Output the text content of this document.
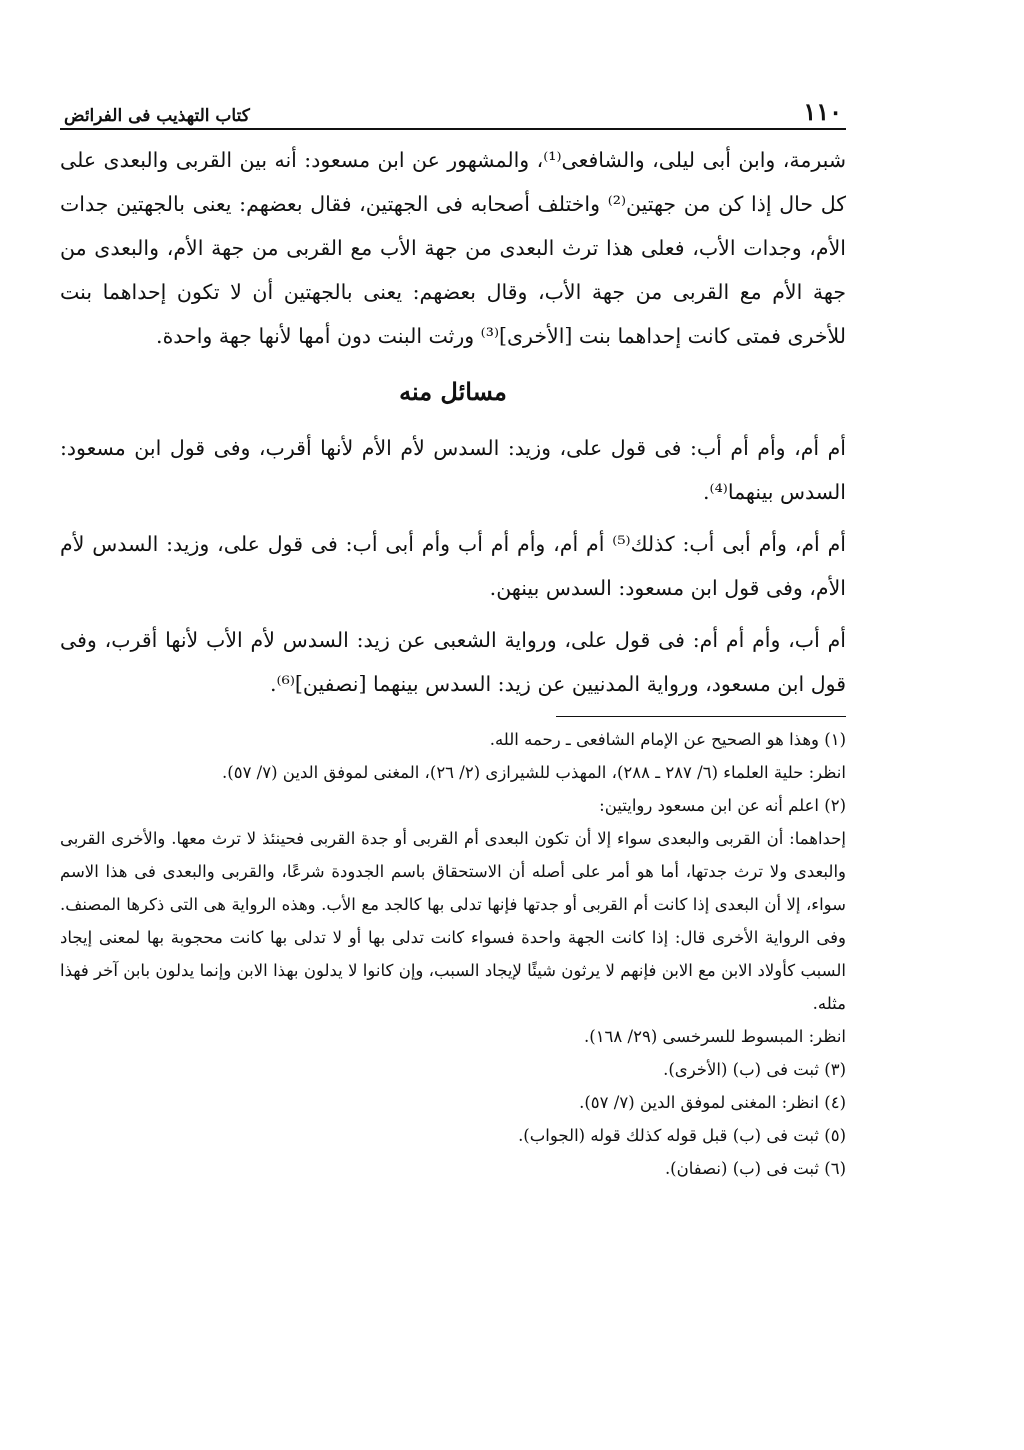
١١٠
كتاب التهذيب فى الفرائض

شبرمة، وابن أبى ليلى، والشافعى⁽¹⁾، والمشهور عن ابن مسعود: أنه بين القربى والبعدى على كل حال إذا كن من جهتين⁽²⁾ واختلف أصحابه فى الجهتين، فقال بعضهم: يعنى بالجهتين جدات الأم، وجدات الأب، فعلى هذا ترث البعدى من جهة الأب مع القربى من جهة الأم، والبعدى من جهة الأم مع القربى من جهة الأب، وقال بعضهم: يعنى بالجهتين أن لا تكون إحداهما بنت للأخرى فمتى كانت إحداهما بنت [الأخرى]⁽³⁾ ورثت البنت دون أمها لأنها جهة واحدة.

مسائل منه

أم أم، وأم أم أب: فى قول على، وزيد: السدس لأم الأم لأنها أقرب، وفى قول ابن مسعود: السدس بينهما⁽⁴⁾.

أم أم، وأم أبى أب: كذلك⁽⁵⁾ أم أم، وأم أم أب وأم أبى أب: فى قول على، وزيد: السدس لأم الأم، وفى قول ابن مسعود: السدس بينهن.

أم أب، وأم أم أم: فى قول على، ورواية الشعبى عن زيد: السدس لأم الأب لأنها أقرب، وفى قول ابن مسعود، ورواية المدنيين عن زيد: السدس بينهما [نصفين]⁽⁶⁾.

(١) وهذا هو الصحيح عن الإمام الشافعى ـ رحمه الله.

انظر: حلية العلماء (٦/ ٢٨٧ ـ ٢٨٨)، المهذب للشيرازى (٢/ ٢٦)، المغنى لموفق الدين (٧/ ٥٧).

(٢) اعلم أنه عن ابن مسعود روايتين:

إحداهما: أن القربى والبعدى سواء إلا أن تكون البعدى أم القربى أو جدة القربى فحينئذ لا ترث معها. والأخرى القربى والبعدى ولا ترث جدتها، أما هو أمر على أصله أن الاستحقاق باسم الجدودة شرعًا، والقربى والبعدى فى هذا الاسم سواء، إلا أن البعدى إذا كانت أم القربى أو جدتها فإنها تدلى بها كالجد مع الأب. وهذه الرواية هى التى ذكرها المصنف. وفى الرواية الأخرى قال: إذا كانت الجهة واحدة فسواء كانت تدلى بها أو لا تدلى بها كانت محجوبة بها لمعنى إيجاد السبب كأولاد الابن مع الابن فإنهم لا يرثون شيئًا لإيجاد السبب، وإن كانوا لا يدلون بهذا الابن وإنما يدلون بابن آخر فهذا مثله.

انظر: المبسوط للسرخسى (٢٩/ ١٦٨).

(٣) ثبت فى (ب) (الأخرى).

(٤) انظر: المغنى لموفق الدين (٧/ ٥٧).

(٥) ثبت فى (ب) قبل قوله كذلك قوله (الجواب).

(٦) ثبت فى (ب) (نصفان).
